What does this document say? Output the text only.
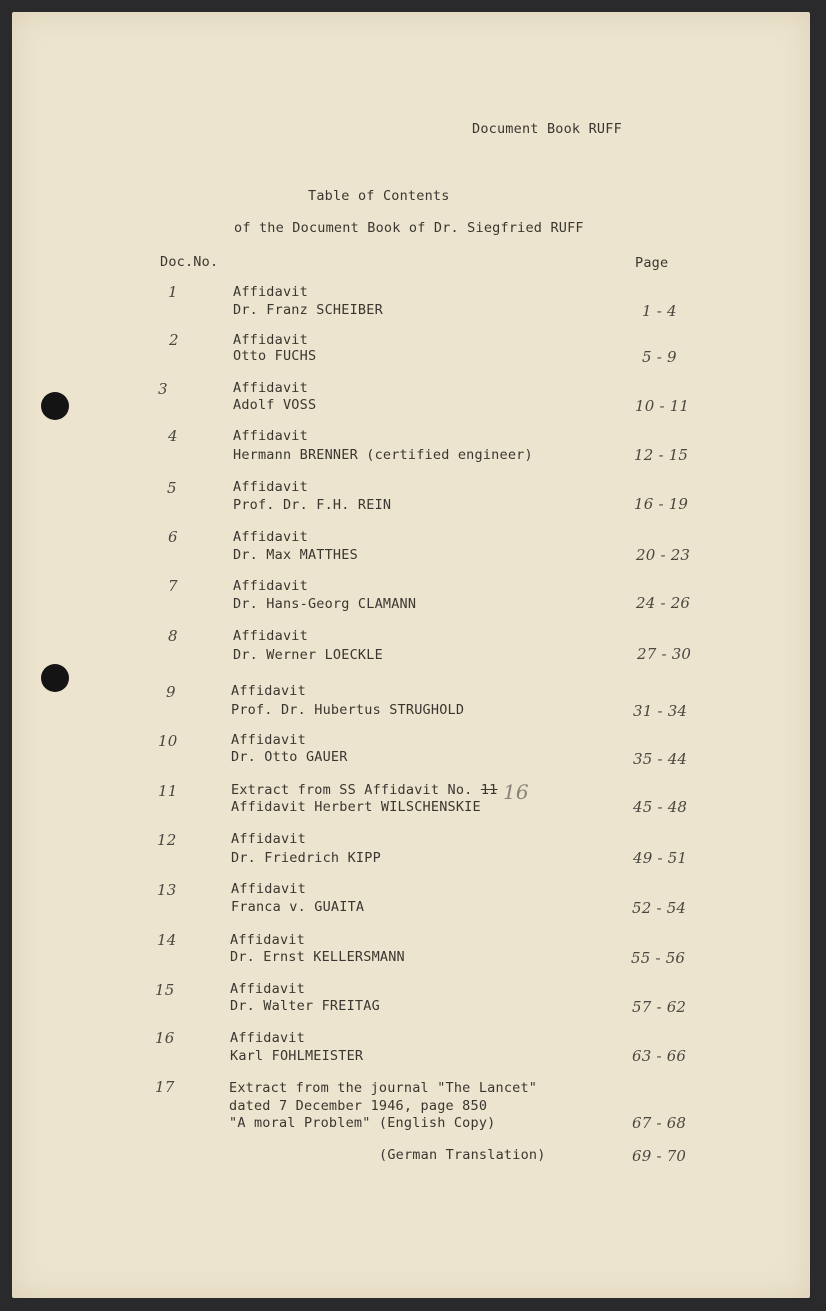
Document Book RUFF
Table of Contents
of the Document Book of Dr. Siegfried RUFF
Doc.No.	Page
1	Affidavit
Dr. Franz SCHEIBER	1 - 4
2	Affidavit
Otto FUCHS	5 - 9
3	Affidavit
Adolf VOSS	10 - 11
4	Affidavit
Hermann BRENNER (certified engineer)	12 - 15
5	Affidavit
Prof. Dr. F.H. REIN	16 - 19
6	Affidavit
Dr. Max MATTHES	20 - 23
7	Affidavit
Dr. Hans-Georg CLAMANN	24 - 26
8	Affidavit
Dr. Werner LOECKLE	27 - 30
9	Affidavit
Prof. Dr. Hubertus STRUGHOLD	31 - 34
10	Affidavit
Dr. Otto GAUER	35 - 44
11	Extract from SS Affidavit No. 11 16
Affidavit Herbert WILSCHENSKIE	45 - 48
12	Affidavit
Dr. Friedrich KIPP	49 - 51
13	Affidavit
Franca v. GUAITA	52 - 54
14	Affidavit
Dr. Ernst KELLERSMANN	55 - 56
15	Affidavit
Dr. Walter FREITAG	57 - 62
16	Affidavit
Karl FOHLMEISTER	63 - 66
17	Extract from the journal "The Lancet"
dated 7 December 1946, page 850
"A moral Problem" (English Copy)	67 - 68
(German Translation)	69 - 70
